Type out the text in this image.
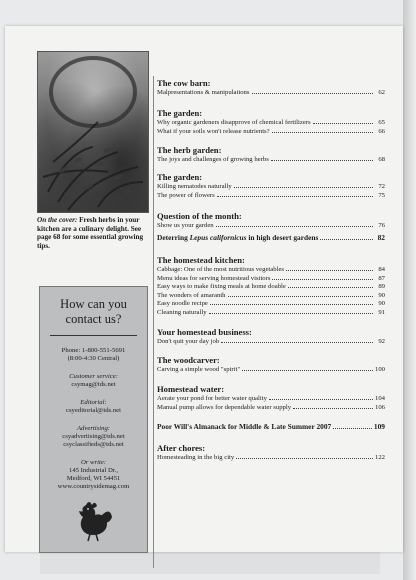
On the cover: Fresh herbs in your kitchen are a culinary delight. See page 68 for some essential growing tips.

How can you
contact us?
Phone: 1-800-551-5691
(8:00-4:30 Central)
Customer service:
csymag@tds.net
Editorial:
csyeditorial@tds.net
Advertising:
csyadvertising@tds.net
csyclassifieds@tds.net
Or write:
145 Industrial Dr.,
Medford, WI 54451
www.countrysidemag.com

The cow barn:

Malpresentations & manipulations	62

The garden:

Why organic gardeners disapprove of chemical fertilizers	65
What if your soils won't release nutrients?	66

The herb garden:

The joys and challenges of growing herbs	68

The garden:

Killing nematodes naturally	72
The power of flowers	75

Question of the month:

Show us your garden	76
Deterring Lepus californicus in high desert gardens	82

The homestead kitchen:

Cabbage: One of the most nutritious vegetables	84
Menu ideas for serving homestead visitors	87
Easy ways to make fixing meals at home doable	89
The wonders of amaranth	90
Easy noodle recipe	90
Cleaning naturally	91

Your homestead business:

Don't quit your day job	92

The woodcarver:

Carving a simple wood "spirit"	100

Homestead water:

Aerate your pond for better water quality	104
Manual pump allows for dependable water supply	106
Poor Will's Almanack for Middle & Late Summer 2007	109

After chores:

Homesteading in the big city	122
